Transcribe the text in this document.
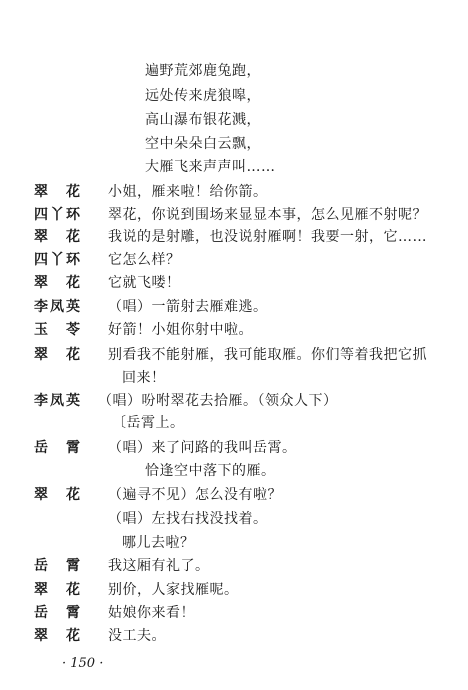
遍野荒郊鹿兔跑，
远处传来虎狼嗥，
高山瀑布银花溅，
空中朵朵白云飘，
大雁飞来声声叫……
翠　花 小姐，雁来啦！给你箭。
四丫环 翠花，你说到围场来显显本事，怎么见雁不射呢？
翠　花 我说的是射雕，也没说射雁啊！我要一射，它……
四丫环 它怎么样？
翠　花 它就飞喽！
李凤英 （唱）一箭射去雁难逃。
玉　苓 好箭！小姐你射中啦。
翠　花 别看我不能射雁，我可能取雁。你们等着我把它抓
回来！
李凤英 （唱）吩咐翠花去拾雁。（领众人下）
〔岳霄上。
岳　霄 （唱）来了问路的我叫岳霄。
恰逢空中落下的雁。
翠　花 （遍寻不见）怎么没有啦？
（唱）左找右找没找着。
哪儿去啦？
岳　霄 我这厢有礼了。
翠　花 别价，人家找雁呢。
岳　霄 姑娘你来看！
翠　花 没工夫。
· 150 ·
